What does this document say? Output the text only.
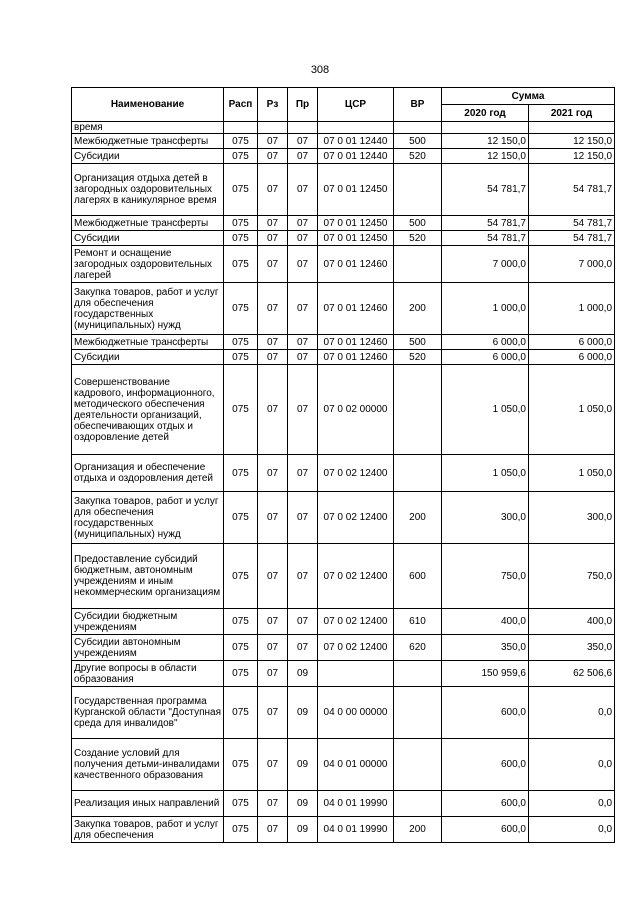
308
Наименование	Расп	Рз	Пр	ЦСР	ВР	Сумма	
						2020 год	2021 год
время							
Межбюджетные трансферты	075	07	07	07 0 01 12440	500	12 150,0	12 150,0
Субсидии	075	07	07	07 0 01 12440	520	12 150,0	12 150,0
Организация отдыха детей в загородных оздоровительных лагерях в каникулярное время	075	07	07	07 0 01 12450		54 781,7	54 781,7
Межбюджетные трансферты	075	07	07	07 0 01 12450	500	54 781,7	54 781,7
Субсидии	075	07	07	07 0 01 12450	520	54 781,7	54 781,7
Ремонт и оснащение загородных оздоровительных лагерей	075	07	07	07 0 01 12460		7 000,0	7 000,0
Закупка товаров, работ и услуг для обеспечения государственных (муниципальных) нужд	075	07	07	07 0 01 12460	200	1 000,0	1 000,0
Межбюджетные трансферты	075	07	07	07 0 01 12460	500	6 000,0	6 000,0
Субсидии	075	07	07	07 0 01 12460	520	6 000,0	6 000,0
Совершенствование кадрового, информационного, методического обеспечения деятельности организаций, обеспечивающих отдых и оздоровление детей	075	07	07	07 0 02 00000		1 050,0	1 050,0
Организация и обеспечение отдыха и оздоровления детей	075	07	07	07 0 02 12400		1 050,0	1 050,0
Закупка товаров, работ и услуг для обеспечения государственных (муниципальных) нужд	075	07	07	07 0 02 12400	200	300,0	300,0
Предоставление субсидий бюджетным, автономным учреждениям и иным некоммерческим организациям	075	07	07	07 0 02 12400	600	750,0	750,0
Субсидии бюджетным учреждениям	075	07	07	07 0 02 12400	610	400,0	400,0
Субсидии автономным учреждениям	075	07	07	07 0 02 12400	620	350,0	350,0
Другие вопросы в области образования	075	07	09			150 959,6	62 506,6
Государственная программа Курганской области "Доступная среда для инвалидов"	075	07	09	04 0 00 00000		600,0	0,0
Создание условий для получения детьми-инвалидами качественного образования	075	07	09	04 0 01 00000		600,0	0,0
Реализация иных направлений	075	07	09	04 0 01 19990		600,0	0,0
Закупка товаров, работ и услуг для обеспечения	075	07	09	04 0 01 19990	200	600,0	0,0
